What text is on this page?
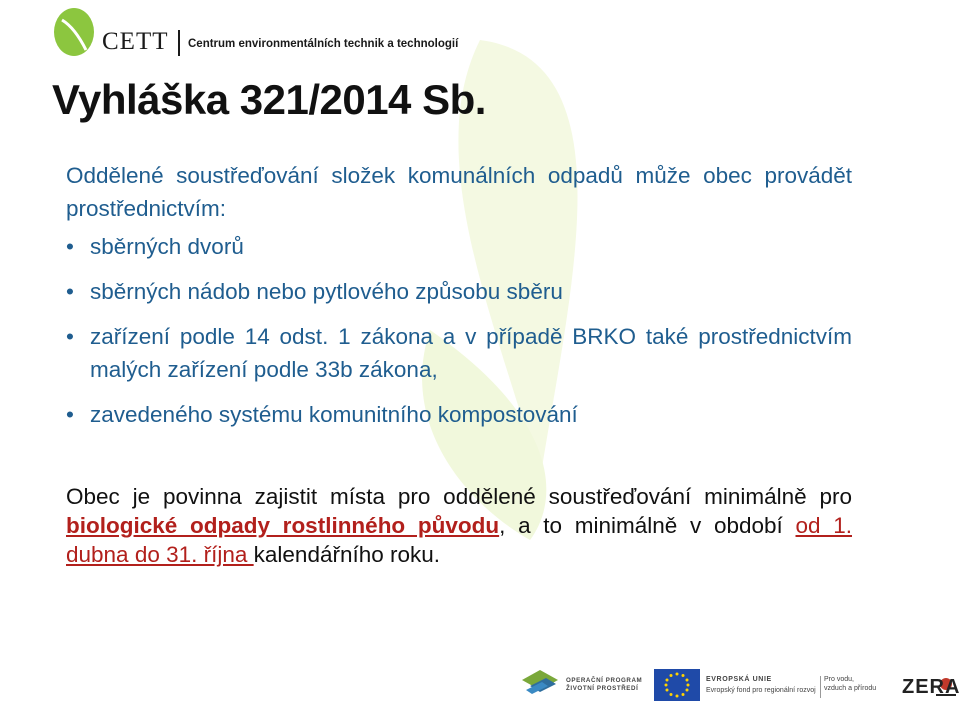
CETT Centrum environmentálních technik a technologií
Vyhláška 321/2014 Sb.

Oddělené soustřeďování složek komunálních odpadů může obec provádět prostřednictvím:

• sběrných dvorů
• sběrných nádob nebo pytlového způsobu sběru
• zařízení podle 14 odst. 1 zákona a v případě BRKO také prostřednictvím malých zařízení podle 33b zákona,
• zavedeného systému komunitního kompostování

Obec je povinna zajistit místa pro oddělené soustřeďování minimálně pro biologické odpady rostlinného původu, a to minimálně v období od 1. dubna do 31. října kalendářního roku.

OPERAČNÍ PROGRAM
ŽIVOTNÍ PROSTŘEDÍ
EVROPSKÁ UNIE
Evropský fond pro regionální rozvoj
Pro vodu,
vzduch a přírodu ZERA
